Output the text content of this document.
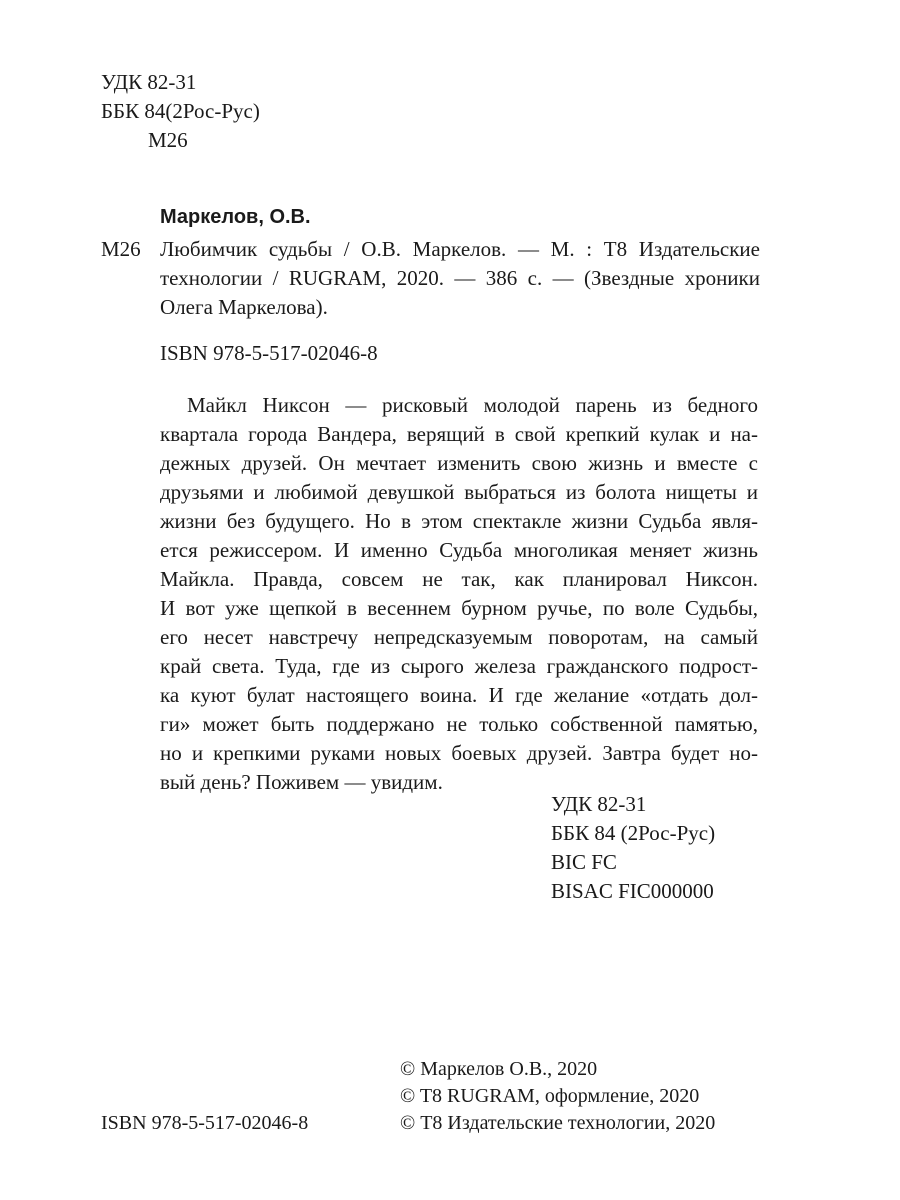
УДК 82-31
ББК 84(2Рос-Рус)
М26
Маркелов, О.В.
М26 Любимчик судьбы / О.В. Маркелов. — М. : Т8 Издательские
технологии / RUGRAM, 2020. — 386 с. — (Звездные хроники
Олега Маркелова).
ISBN 978-5-517-02046-8
Майкл Никсон — рисковый молодой парень из бедного
квартала города Вандера, верящий в свой крепкий кулак и на-
дежных друзей. Он мечтает изменить свою жизнь и вместе с
друзьями и любимой девушкой выбраться из болота нищеты и
жизни без будущего. Но в этом спектакле жизни Судьба явля-
ется режиссером. И именно Судьба многоликая меняет жизнь
Майкла. Правда, совсем не так, как планировал Никсон.
И вот уже щепкой в весеннем бурном ручье, по воле Судьбы,
его несет навстречу непредсказуемым поворотам, на самый
край света. Туда, где из сырого железа гражданского подрост-
ка куют булат настоящего воина. И где желание «отдать дол-
ги» может быть поддержано не только собственной памятью,
но и крепкими руками новых боевых друзей. Завтра будет но-
вый день? Поживем — увидим.
УДК 82-31
ББК 84 (2Рос-Рус)
BIC FC
BISAC FIC000000
© Маркелов О.В., 2020
© T8 RUGRAM, оформление, 2020
© Т8 Издательские технологии, 2020
ISBN 978-5-517-02046-8
